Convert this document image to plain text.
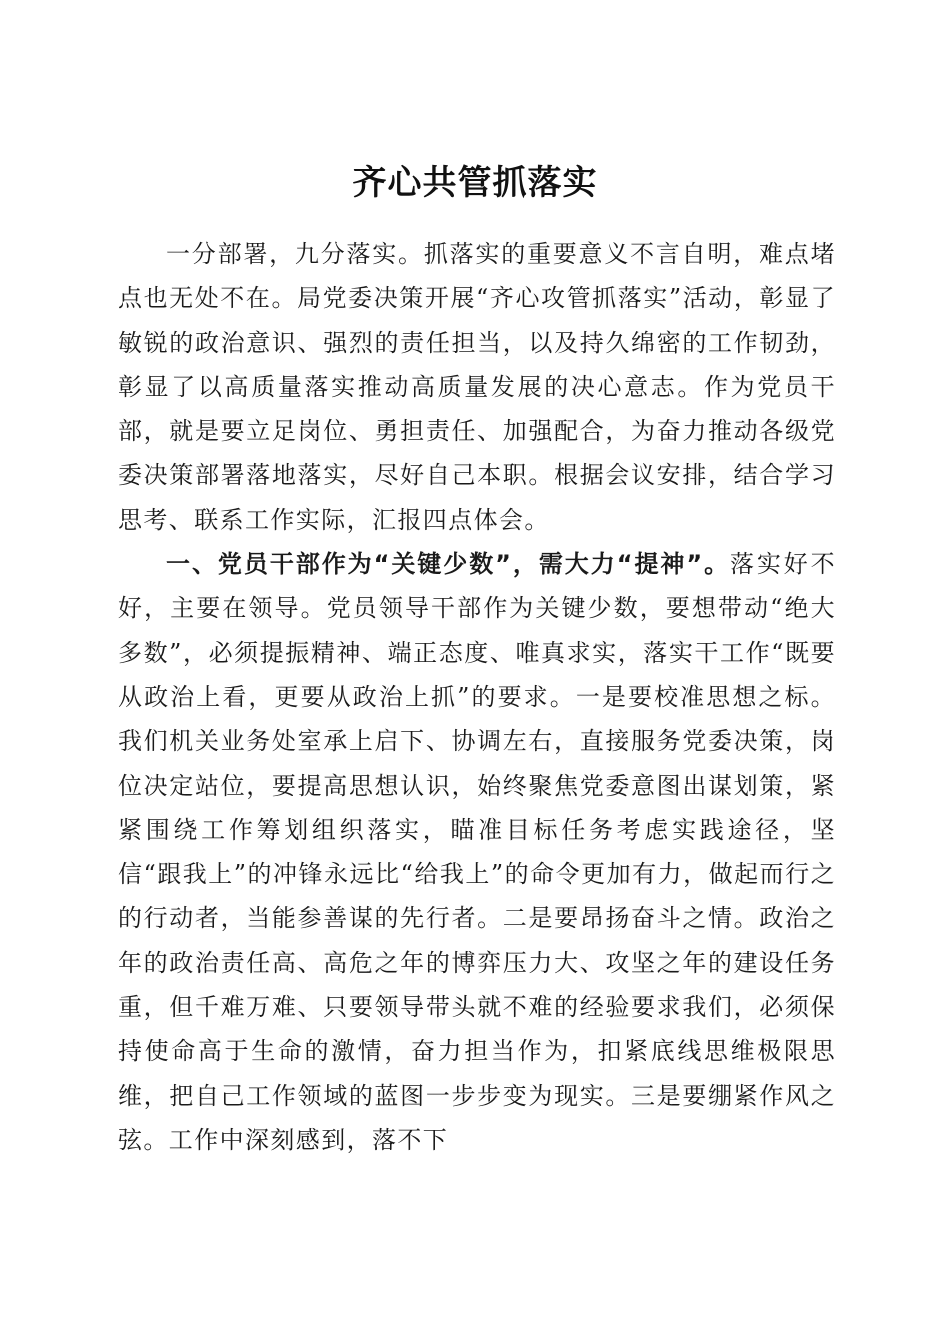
齐心共管抓落实

一分部署，九分落实。抓落实的重要意义不言自明，难点堵点也无处不在。局党委决策开展“齐心攻管抓落实”活动，彰显了敏锐的政治意识、强烈的责任担当，以及持久绵密的工作韧劲，彰显了以高质量落实推动高质量发展的决心意志。作为党员干部，就是要立足岗位、勇担责任、加强配合，为奋力推动各级党委决策部署落地落实，尽好自己本职。根据会议安排，结合学习思考、联系工作实际，汇报四点体会。

一、党员干部作为“关键少数”，需大力“提神”。落实好不好，主要在领导。党员领导干部作为关键少数，要想带动“绝大多数”，必须提振精神、端正态度、唯真求实，落实干工作“既要从政治上看，更要从政治上抓”的要求。一是要校准思想之标。我们机关业务处室承上启下、协调左右，直接服务党委决策，岗位决定站位，要提高思想认识，始终聚焦党委意图出谋划策，紧紧围绕工作筹划组织落实，瞄准目标任务考虑实践途径，坚信“跟我上”的冲锋永远比“给我上”的命令更加有力，做起而行之的行动者，当能参善谋的先行者。二是要昂扬奋斗之情。政治之年的政治责任高、高危之年的博弈压力大、攻坚之年的建设任务重，但千难万难、只要领导带头就不难的经验要求我们，必须保持使命高于生命的激情，奋力担当作为，扣紧底线思维极限思维，把自己工作领域的蓝图一步步变为现实。三是要绷紧作风之弦。工作中深刻感到，落不下
